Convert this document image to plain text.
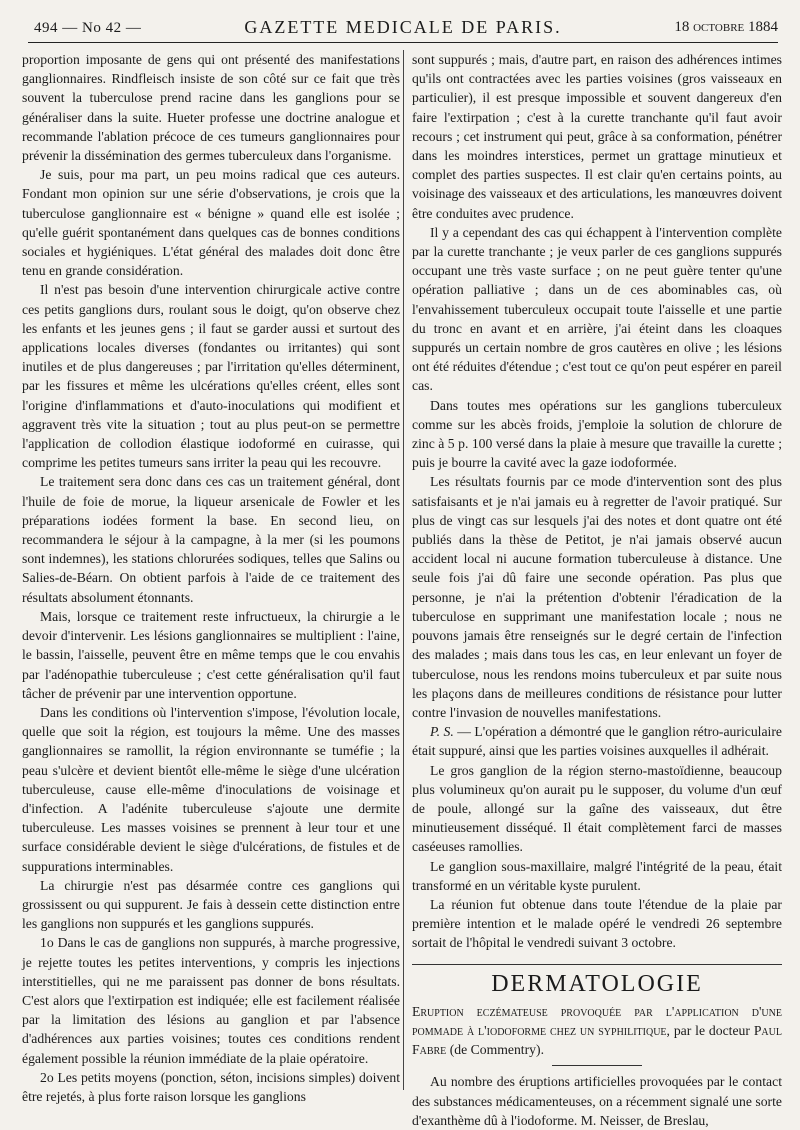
494 — No 42 —	GAZETTE MEDICALE DE PARIS.	18 octobre 1884

proportion imposante de gens qui ont présenté des manifestations ganglionnaires. Rindfleisch insiste de son côté sur ce fait que très souvent la tuberculose prend racine dans les ganglions pour se généraliser dans la suite. Hueter professe une doctrine analogue et recommande l'ablation précoce de ces tumeurs ganglionnaires pour prévenir la dissémination des germes tuberculeux dans l'organisme.

Je suis, pour ma part, un peu moins radical que ces auteurs. Fondant mon opinion sur une série d'observations, je crois que la tuberculose ganglionnaire est « bénigne » quand elle est isolée ; qu'elle guérit spontanément dans quelques cas de bonnes conditions sociales et hygiéniques. L'état général des malades doit donc être tenu en grande considération.

Il n'est pas besoin d'une intervention chirurgicale active contre ces petits ganglions durs, roulant sous le doigt, qu'on observe chez les enfants et les jeunes gens ; il faut se garder aussi et surtout des applications locales diverses (fondantes ou irritantes) qui sont inutiles et de plus dangereuses ; par l'irritation qu'elles déterminent, par les fissures et même les ulcérations qu'elles créent, elles sont l'origine d'inflammations et d'auto-inoculations qui modifient et aggravent très vite la situation ; tout au plus peut-on se permettre l'application de collodion élastique iodoformé en cuirasse, qui comprime les petites tumeurs sans irriter la peau qui les recouvre.

Le traitement sera donc dans ces cas un traitement général, dont l'huile de foie de morue, la liqueur arsenicale de Fowler et les préparations iodées forment la base. En second lieu, on recommandera le séjour à la campagne, à la mer (si les poumons sont indemnes), les stations chlorurées sodiques, telles que Salins ou Salies-de-Béarn. On obtient parfois à l'aide de ce traitement des résultats absolument étonnants.

Mais, lorsque ce traitement reste infructueux, la chirurgie a le devoir d'intervenir. Les lésions ganglionnaires se multiplient : l'aine, le bassin, l'aisselle, peuvent être en même temps que le cou envahis par l'adénopathie tuberculeuse ; c'est cette généralisation qu'il faut tâcher de prévenir par une intervention opportune.

Dans les conditions où l'intervention s'impose, l'évolution locale, quelle que soit la région, est toujours la même. Une des masses ganglionnaires se ramollit, la région environnante se tuméfie ; la peau s'ulcère et devient bientôt elle-même le siège d'une ulcération tuberculeuse, cause elle-même d'inoculations de voisinage et d'infection. A l'adénite tuberculeuse s'ajoute une dermite tuberculeuse. Les masses voisines se prennent à leur tour et une surface considérable devient le siège d'ulcérations, de fistules et de suppurations interminables.

La chirurgie n'est pas désarmée contre ces ganglions qui grossissent ou qui suppurent. Je fais à dessein cette distinction entre les ganglions non suppurés et les ganglions suppurés.

1o Dans le cas de ganglions non suppurés, à marche progressive, je rejette toutes les petites interventions, y compris les injections interstitielles, qui ne me paraissent pas donner de bons résultats. C'est alors que l'extirpation est indiquée; elle est facilement réalisée par la limitation des lésions au ganglion et par l'absence d'adhérences aux parties voisines; toutes ces conditions rendent également possible la réunion immédiate de la plaie opératoire.

2o Les petits moyens (ponction, séton, incisions simples) doivent être rejetés, à plus forte raison lorsque les ganglions

sont suppurés ; mais, d'autre part, en raison des adhérences intimes qu'ils ont contractées avec les parties voisines (gros vaisseaux en particulier), il est presque impossible et souvent dangereux d'en faire l'extirpation ; c'est à la curette tranchante qu'il faut avoir recours ; cet instrument qui peut, grâce à sa conformation, pénétrer dans les moindres interstices, permet un grattage minutieux et complet des parties suspectes. Il est clair qu'en certains points, au voisinage des vaisseaux et des articulations, les manœuvres doivent être conduites avec prudence.

Il y a cependant des cas qui échappent à l'intervention complète par la curette tranchante ; je veux parler de ces ganglions suppurés occupant une très vaste surface ; on ne peut guère tenter qu'une opération palliative ; dans un de ces abominables cas, où l'envahissement tuberculeux occupait toute l'aisselle et une partie du tronc en avant et en arrière, j'ai éteint dans les cloaques suppurés un certain nombre de gros cautères en olive ; les lésions ont été réduites d'étendue ; c'est tout ce qu'on peut espérer en pareil cas.

Dans toutes mes opérations sur les ganglions tuberculeux comme sur les abcès froids, j'emploie la solution de chlorure de zinc à 5 p. 100 versé dans la plaie à mesure que travaille la curette ; puis je bourre la cavité avec la gaze iodoformée.

Les résultats fournis par ce mode d'intervention sont des plus satisfaisants et je n'ai jamais eu à regretter de l'avoir pratiqué. Sur plus de vingt cas sur lesquels j'ai des notes et dont quatre ont été publiés dans la thèse de Petitot, je n'ai jamais observé aucun accident local ni aucune formation tuberculeuse à distance. Une seule fois j'ai dû faire une seconde opération. Pas plus que personne, je n'ai la prétention d'obtenir l'éradication de la tuberculose en supprimant une manifestation locale ; nous ne pouvons jamais être renseignés sur le degré certain de l'infection des malades ; mais dans tous les cas, en leur enlevant un foyer de tuberculose, nous les rendons moins tuberculeux et par suite nous les plaçons dans de meilleures conditions de résistance pour lutter contre l'invasion de nouvelles manifestations.

P. S. — L'opération a démontré que le ganglion rétro-auriculaire était suppuré, ainsi que les parties voisines auxquelles il adhérait.

Le gros ganglion de la région sterno-mastoïdienne, beaucoup plus volumineux qu'on aurait pu le supposer, du volume d'un œuf de poule, allongé sur la gaîne des vaisseaux, dut être minutieusement disséqué. Il était complètement farci de masses caséeuses ramollies.

Le ganglion sous-maxillaire, malgré l'intégrité de la peau, était transformé en un véritable kyste purulent.

La réunion fut obtenue dans toute l'étendue de la plaie par première intention et le malade opéré le vendredi 26 septembre sortait de l'hôpital le vendredi suivant 3 octobre.

DERMATOLOGIE

Eruption eczémateuse provoquée par l'application d'une pommade à l'iodoforme chez un syphilitique, par le docteur Paul Fabre (de Commentry).

Au nombre des éruptions artificielles provoquées par le contact des substances médicamenteuses, on a récemment signalé une sorte d'exanthème dû à l'iodoforme. M. Neisser, de Breslau,
